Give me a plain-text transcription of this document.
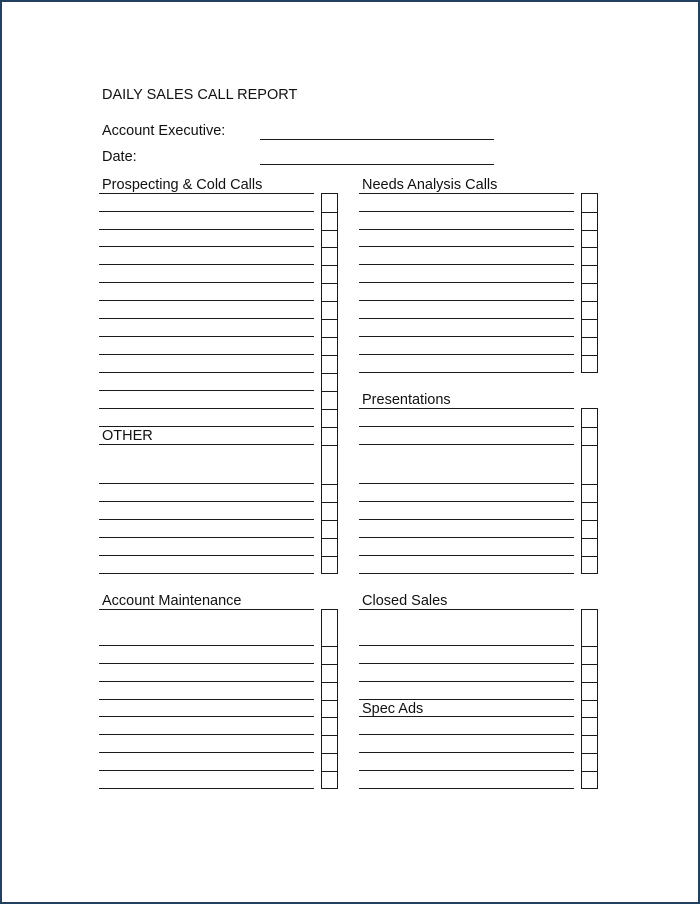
DAILY SALES CALL REPORT
Account Executive:
Date:
Prospecting & Cold Calls	Needs Analysis Calls
Presentations
OTHER
Account Maintenance	Closed Sales
Spec Ads
